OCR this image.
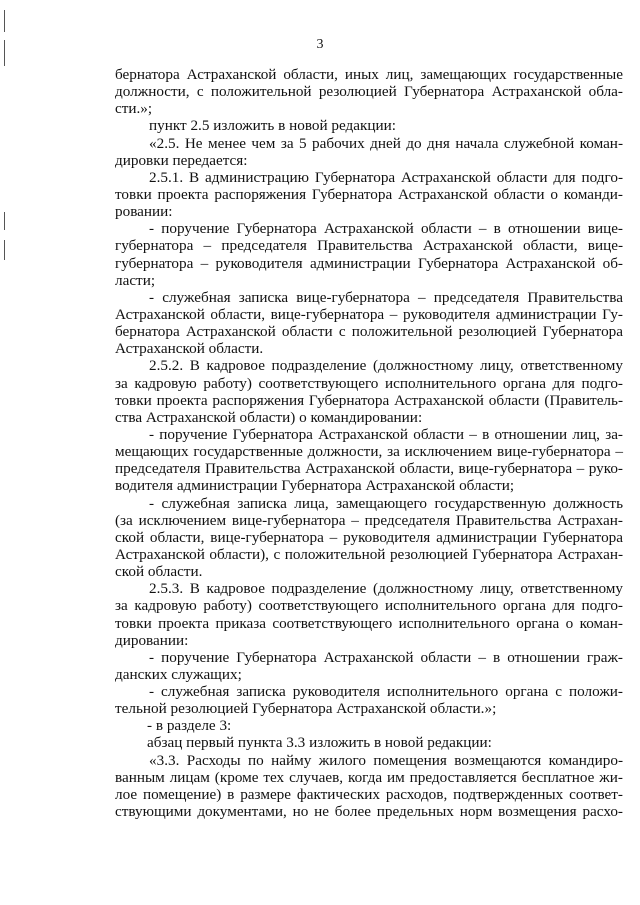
3
бернатора Астраханской области, иных лиц, замещающих государственные
должности, с положительной резолюцией Губернатора Астраханской обла-
сти.»;
пункт 2.5 изложить в новой редакции:
«2.5. Не менее чем за 5 рабочих дней до дня начала служебной коман-
дировки передается:
2.5.1. В администрацию Губернатора Астраханской области для подго-
товки проекта распоряжения Губернатора Астраханской области о команди-
ровании:
- поручение Губернатора Астраханской области – в отношении вице-
губернатора – председателя Правительства Астраханской области, вице-
губернатора – руководителя администрации Губернатора Астраханской об-
ласти;
- служебная записка вице-губернатора – председателя Правительства
Астраханской области, вице-губернатора – руководителя администрации Гу-
бернатора Астраханской области с положительной резолюцией Губернатора
Астраханской области.
2.5.2. В кадровое подразделение (должностному лицу, ответственному
за кадровую работу) соответствующего исполнительного органа для подго-
товки проекта распоряжения Губернатора Астраханской области (Правитель-
ства Астраханской области) о командировании:
- поручение Губернатора Астраханской области – в отношении лиц, за-
мещающих государственные должности, за исключением вице-губернатора –
председателя Правительства Астраханской области, вице-губернатора – руко-
водителя администрации Губернатора Астраханской области;
- служебная записка лица, замещающего государственную должность
(за исключением вице-губернатора – председателя Правительства Астрахан-
ской области, вице-губернатора – руководителя администрации Губернатора
Астраханской области), с положительной резолюцией Губернатора Астрахан-
ской области.
2.5.3. В кадровое подразделение (должностному лицу, ответственному
за кадровую работу) соответствующего исполнительного органа для подго-
товки проекта приказа соответствующего исполнительного органа о коман-
дировании:
- поручение Губернатора Астраханской области – в отношении граж-
данских служащих;
- служебная записка руководителя исполнительного органа с положи-
тельной резолюцией Губернатора Астраханской области.»;
- в разделе 3:
абзац первый пункта 3.3 изложить в новой редакции:
«3.3. Расходы по найму жилого помещения возмещаются командиро-
ванным лицам (кроме тех случаев, когда им предоставляется бесплатное жи-
лое помещение) в размере фактических расходов, подтвержденных соответ-
ствующими документами, но не более предельных норм возмещения расхо-
